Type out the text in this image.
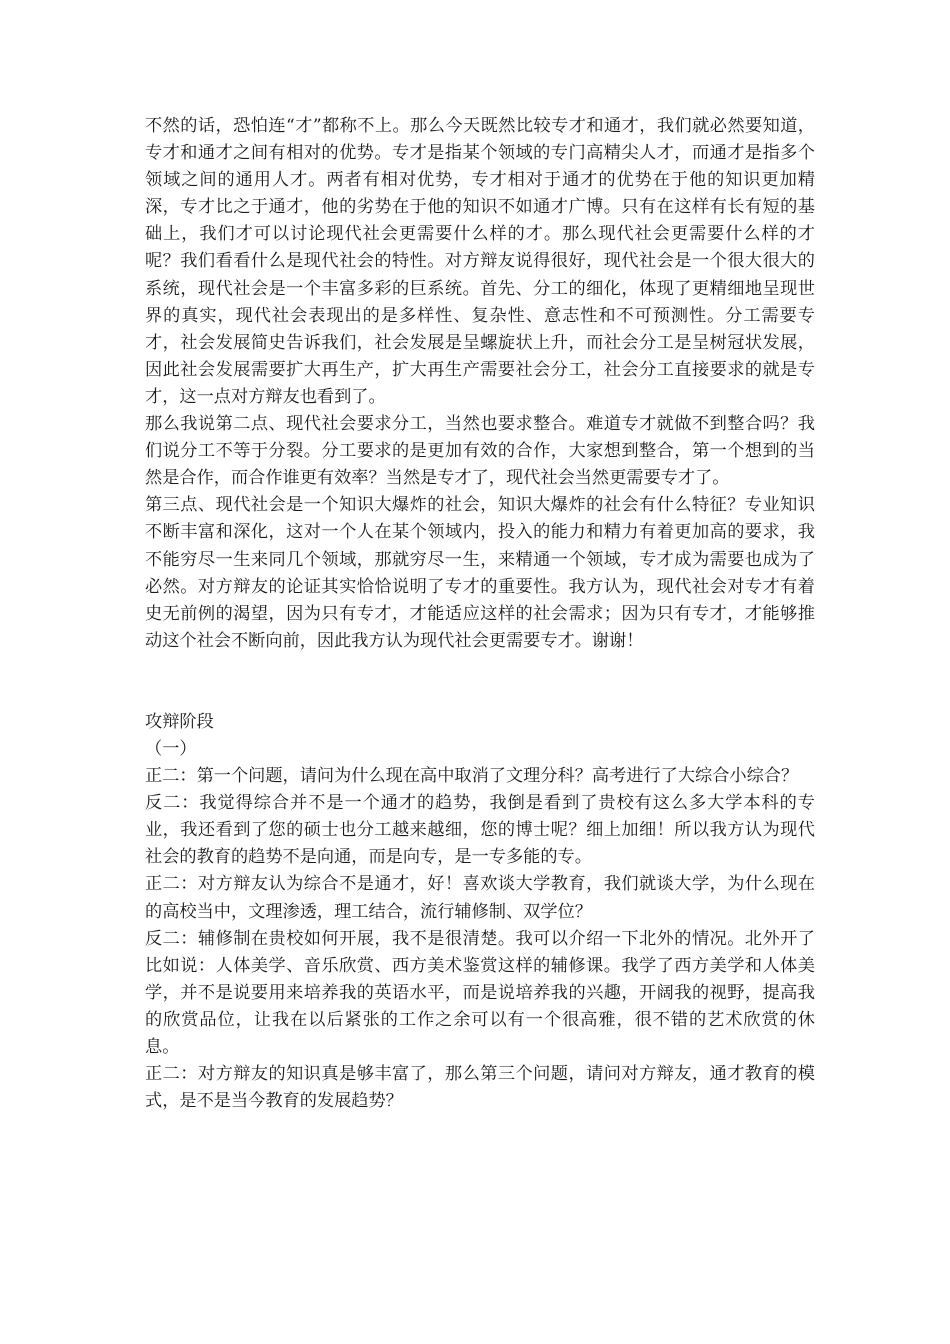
不然的话，恐怕连“才”都称不上。那么今天既然比较专才和通才，我们就必然要知道，专才和通才之间有相对的优势。专才是指某个领域的专门高精尖人才，而通才是指多个领域之间的通用人才。两者有相对优势，专才相对于通才的优势在于他的知识更加精深，专才比之于通才，他的劣势在于他的知识不如通才广博。只有在这样有长有短的基础上，我们才可以讨论现代社会更需要什么样的才。那么现代社会更需要什么样的才呢？我们看看什么是现代社会的特性。对方辩友说得很好，现代社会是一个很大很大的系统，现代社会是一个丰富多彩的巨系统。首先、分工的细化，体现了更精细地呈现世界的真实，现代社会表现出的是多样性、复杂性、意志性和不可预测性。分工需要专才，社会发展简史告诉我们，社会发展是呈螺旋状上升，而社会分工是呈树冠状发展，因此社会发展需要扩大再生产，扩大再生产需要社会分工，社会分工直接要求的就是专才，这一点对方辩友也看到了。

那么我说第二点、现代社会要求分工，当然也要求整合。难道专才就做不到整合吗？我们说分工不等于分裂。分工要求的是更加有效的合作，大家想到整合，第一个想到的当然是合作，而合作谁更有效率？当然是专才了，现代社会当然更需要专才了。

第三点、现代社会是一个知识大爆炸的社会，知识大爆炸的社会有什么特征？专业知识不断丰富和深化，这对一个人在某个领域内，投入的能力和精力有着更加高的要求，我不能穷尽一生来同几个领域，那就穷尽一生，来精通一个领域，专才成为需要也成为了必然。对方辩友的论证其实恰恰说明了专才的重要性。我方认为，现代社会对专才有着史无前例的渴望，因为只有专才，才能适应这样的社会需求；因为只有专才，才能够推动这个社会不断向前，因此我方认为现代社会更需要专才。谢谢！

攻辩阶段

（一）

正二：第一个问题，请问为什么现在高中取消了文理分科？高考进行了大综合小综合？

反二：我觉得综合并不是一个通才的趋势，我倒是看到了贵校有这么多大学本科的专业，我还看到了您的硕士也分工越来越细，您的博士呢？细上加细！所以我方认为现代社会的教育的趋势不是向通，而是向专，是一专多能的专。

正二：对方辩友认为综合不是通才，好！喜欢谈大学教育，我们就谈大学，为什么现在的高校当中，文理渗透，理工结合，流行辅修制、双学位？

反二：辅修制在贵校如何开展，我不是很清楚。我可以介绍一下北外的情况。北外开了比如说：人体美学、音乐欣赏、西方美术鉴赏这样的辅修课。我学了西方美学和人体美学，并不是说要用来培养我的英语水平，而是说培养我的兴趣，开阔我的视野，提高我的欣赏品位，让我在以后紧张的工作之余可以有一个很高雅，很不错的艺术欣赏的休息。

正二：对方辩友的知识真是够丰富了，那么第三个问题，请问对方辩友，通才教育的模式，是不是当今教育的发展趋势？
